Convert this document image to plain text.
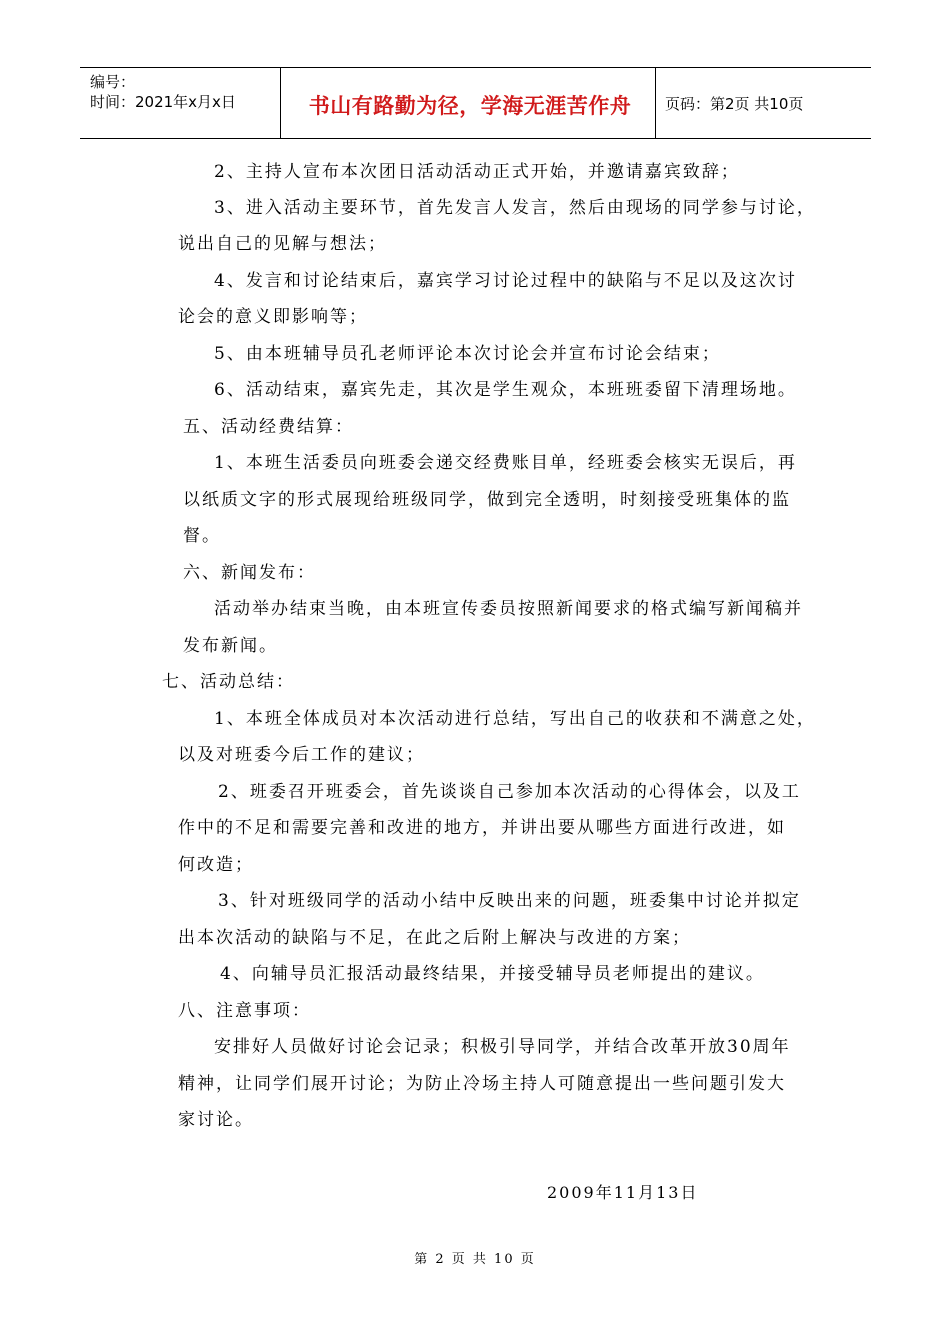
编号：
时间：2021年x月x日	书山有路勤为径，学海无涯苦作舟	页码：第2页 共10页
2、主持人宣布本次团日活动活动正式开始，并邀请嘉宾致辞；
3、进入活动主要环节，首先发言人发言，然后由现场的同学参与讨论，
说出自己的见解与想法；
4、发言和讨论结束后，嘉宾学习讨论过程中的缺陷与不足以及这次讨
论会的意义即影响等；
5、由本班辅导员孔老师评论本次讨论会并宣布讨论会结束；
6、活动结束，嘉宾先走，其次是学生观众，本班班委留下清理场地。
五、活动经费结算：
1、本班生活委员向班委会递交经费账目单，经班委会核实无误后，再
以纸质文字的形式展现给班级同学，做到完全透明，时刻接受班集体的监
督。
六、新闻发布：
活动举办结束当晚，由本班宣传委员按照新闻要求的格式编写新闻稿并
发布新闻。
七、活动总结：
1、本班全体成员对本次活动进行总结，写出自己的收获和不满意之处，
以及对班委今后工作的建议；
2、班委召开班委会，首先谈谈自己参加本次活动的心得体会，以及工
作中的不足和需要完善和改进的地方，并讲出要从哪些方面进行改进，如
何改造；
3、针对班级同学的活动小结中反映出来的问题，班委集中讨论并拟定
出本次活动的缺陷与不足，在此之后附上解决与改进的方案；
4、向辅导员汇报活动最终结果，并接受辅导员老师提出的建议。
八、注意事项：
安排好人员做好讨论会记录；积极引导同学，并结合改革开放30周年
精神，让同学们展开讨论；为防止冷场主持人可随意提出一些问题引发大
家讨论。
2009年11月13日
第 2 页 共 10 页
